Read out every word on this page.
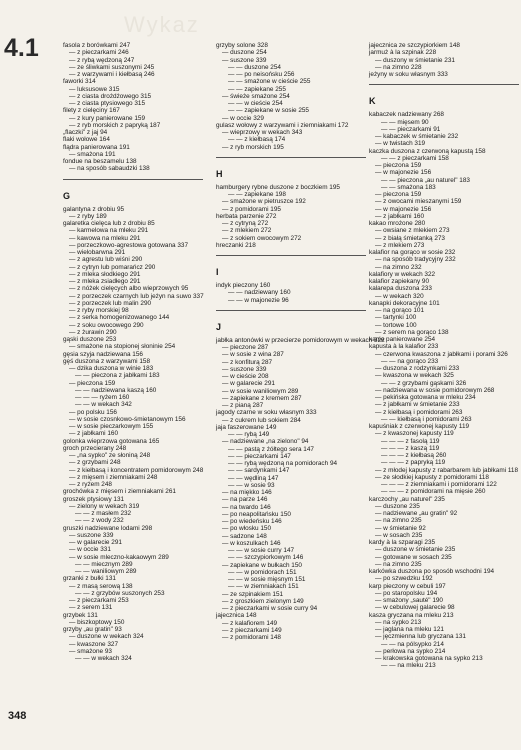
Wykaz
4.1	fasola z borówkami 247
— z pieczarkami 246
— z rybą wędzoną 247
— ze śliwkami suszonymi 245
— z warzywami i kiełbasą 246
faworki 314
— luksusowe 315
— z ciasta drożdżowego 315
— z ciasta ptysiowego 315
filety z cielęciny 167
— z kury panierowane 159
— z ryb morskich z papryką 187
„flaczki" z jaj 94
flaki wołowe 164
flądra panierowana 191
— smażona 191
fondue na beszamelu 138
— na sposób sabaudzki 138
G
galantyna z drobiu 95
— z ryby 189
galaretka cielęca lub z drobiu 85
— karmelowa na mleku 291
— kawowa na mleku 291
— porzeczkowo-agrestowa gotowana 337
— wielobarwna 291
— z agrestu lub wiśni 290
— z cytryn lub pomarańcz 290
— z mleka słodkiego 291
— z mleka zsiadłego 291
— z nóżek cielęcych albo wieprzowych 95
— z porzeczek czarnych lub jeżyn na suwo 337
— z porzeczek lub malin 290
— z ryby morskiej 98
— z serka homogenizowanego 144
— z soku owocowego 290
— z żurawin 290
gąski duszone 253
— smażone na stopionej słoninie 254
gęsia szyja nadziewana 156
gęś duszona z warzywami 158
— dzika duszona w winie 183
— — pieczona z jabłkami 183
— pieczona 159
— — nadziewana kaszą 160
— — — ryżem 160
— — w wekach 342
— po polsku 156
— w sosie czosnkowo-śmietanowym 156
— w sosie pieczarkowym 155
— z jabłkami 160
golonka wieprzowa gotowana 165
groch przecierany 248
— „na sypko" ze słoniną 248
— z grzybami 248
— z kiełbasą i koncentratem pomidorowym 248
— z mięsem i ziemniakami 248
— z ryżem 248
grochówka z mięsem i ziemniakami 261
groszek ptysiowy 131
— zielony w wekach 319
— — z masłem 232
— — z wody 232
gruszki nadziewane lodami 298
— suszone 339
— w galarecie 291
— w occie 331
— w sosie mleczno-kakaowym 289
— — miecznym 289
— — waniliowym 289
grzanki z bułki 131
— z masą serową 138
— — z grzybów suszonych 253
— z pieczarkami 253
— z serem 131
grzybek 131
— biszkoptowy 150
grzyby „au gratin" 93
— duszone w wekach 324
— kwaszone 327
— smażone 93
— — w wekach 324
grzyby solone 328
— duszone 254
— suszone 339
— — duszone 254
— — po neisońsku 256
— — smażone w cieście 255
— — zapiekane 255
— świeże smażone 254
— — w cieście 254
— — zapiekane w sosie 255
— w occie 329
gulasz wołowy z warzywami i ziemniakami 172
— wieprzowy w wekach 343
— — z kiełbasą 174
— z ryb morskich 195
H
hamburgery rybne duszone z boczkiem 195
— — zapiekane 198
— smażone w pietruszce 192
— z pomidorami 195
herbata parzenie 272
— z cytryną 272
— z mlekiem 272
— z sokiem owocowym 272
hreczanki 218
I
indyk pieczony 160
— — nadziewany 160
— — w majonezie 96
J
jabłka antonówki w przecierze pomidorowym w wekach 322
— pieczone 287
— w sosie z wina 287
— z konfiturą 287
— suszone 339
— w cieście 208
— w galarecie 291
— w sosie waniliowym 289
— zapiekane z kremem 287
— z pianą 287
jagody czarne w soku własnym 333
— z cukrem lub sokiem 284
jaja faszerowane 149
— — rybą 149
— nadziewane „na zielono" 94
— — pastą z żółtego sera 147
— — pieczarkami 147
— — rybą wędzoną na pomidorach 94
— — sardynkami 147
— — wędliną 147
— — w sosie 93
— na miękko 146
— na parze 146
— na twardo 146
— po neapolitańsku 150
— po wiedeńsku 146
— po włosku 150
— sadzone 148
— w koszulkach 146
— — w sosie curry 147
— — szczypiorkowym 146
— zapiekane w bułkach 150
— — w pomidorach 151
— — w sosie mięsnym 151
— — w ziemniakach 151
— ze szpinakiem 151
— z groszkiem zielonym 149
— z pieczarkami w sosie curry 94
jajecznica 148
— z kalafiorem 149
— z pieczarkami 149
— z pomidorami 148
jajecznica ze szczypiorkiem 148
jarmuż à la szpinak 228
— duszony w śmietanie 231
— na zimno 228
jeżyny w soku własnym 333
K
kabaczek nadziewany 268
— — mięsem 90
— — pieczarkami 91
— kabaczek w śmietanie 232
— w twistach 319
kaczka duszona z czerwoną kapustą 158
— — z pieczarkami 158
— pieczona 159
— w majonezie 156
— — pieczona „au naturel" 183
— — smażona 183
— pieczona 159
— z owocami mieszanymi 159
— w majonezie 156
— z jabłkami 160
kakao mrożone 280
— owsiane z mlekiem 273
— z białą śmietanką 273
— z mlekiem 273
kalafior na gorąco w sosie 232
— na sposób tradycyjny 232
— na zimno 232
kalafiory w wekach 322
kalafior zapiekany 90
kalarepa duszona 233
— w wekach 320
kanapki dekoracyjne 101
— na gorąco 101
— tartynki 100
— tortowe 100
— z serem na gorąco 138
kanie panierowane 254
kapusta à la kalafior 233
— czerwona kwaszona z jabłkami i porami 326
— — na gorąco 233
— duszona z rodzynkami 233
— kwaszona w wekach 325
— — z grzybami gąskami 326
— nadziewana w sosie pomidorowym 268
— pekińska gotowana w mleku 234
— z jabłkami w śmietanie 233
— z kiełbasą i pomidorami 263
— — kiełbasą i pomidorami 263
kapuśniak z czerwonej kapusty 119
— z kwaszonej kapusty 119
— — — z fasolą 119
— — — z kaszą 119
— — — z kiełbasą 260
— — — z papryką 119
— z młodej kapusty z rabarbarem lub jabłkami 118
— ze słodkiej kapusty z pomidorami 118
— — — z ziemniakami i pomidorami 122
— — — z pomidorami na mięsie 260
karczochy „au naturel" 235
— duszone 235
— nadziewane „au gratin" 92
— na zimno 235
— w śmietanie 92
— w sosach 235
kardy à la szparagi 235
— duszone w śmietanie 235
— gotowane w sosach 235
— na zimno 235
karkówka duszona po sposób wschodni 194
— po szwedzku 192
karp pieczony w cebuli 197
— po staropolsku 194
— smażony „sauté" 190
— w cebulowej galarecie 98
kasza gryczana na mleku 213
— na sypko 213
— jaglana na mleku 121
— jęczmienna lub gryczana 131
— — na pólsypko 214
— perłowa na sypko 214
— krakowska gotowana na sypko 213
— — na mleku 213
348
